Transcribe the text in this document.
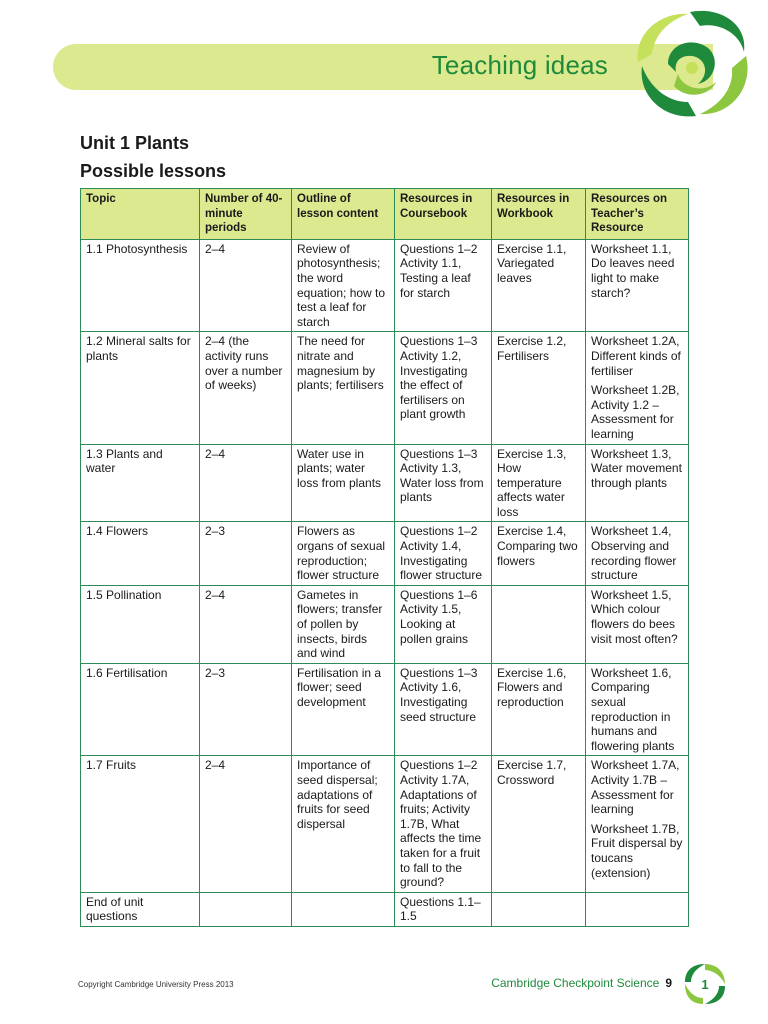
Teaching ideas
Unit 1 Plants
Possible lessons
Topic	Number of 40-minute periods	Outline of lesson content	Resources in Coursebook	Resources in Workbook	Resources on Teacher’s Resource

1.1 Photosynthesis	2–4	Review of photosynthesis; the word equation; how to test a leaf for starch	Questions 1–2 Activity 1.1, Testing a leaf for starch	Exercise 1.1, Variegated leaves	Worksheet 1.1, Do leaves need light to make starch?

1.2 Mineral salts for plants	2–4 (the activity runs over a number of weeks)	The need for nitrate and magnesium by plants; fertilisers	Questions 1–3 Activity 1.2, Investigating the effect of fertilisers on plant growth	Exercise 1.2, Fertilisers	Worksheet 1.2A, Different kinds of fertiliser

Worksheet 1.2B, Activity 1.2 – Assessment for learning

1.3 Plants and water	2–4	Water use in plants; water loss from plants	Questions 1–3 Activity 1.3, Water loss from plants	Exercise 1.3, How temperature affects water loss	Worksheet 1.3, Water movement through plants

1.4 Flowers	2–3	Flowers as organs of sexual reproduction; flower structure	Questions 1–2 Activity 1.4, Investigating flower structure	Exercise 1.4, Comparing two flowers	Worksheet 1.4, Observing and recording flower structure

1.5 Pollination	2–4	Gametes in flowers; transfer of pollen by insects, birds and wind	Questions 1–6 Activity 1.5, Looking at pollen grains		Worksheet 1.5, Which colour flowers do bees visit most often?

1.6 Fertilisation	2–3	Fertilisation in a flower; seed development	Questions 1–3 Activity 1.6, Investigating seed structure	Exercise 1.6, Flowers and reproduction	Worksheet 1.6, Comparing sexual reproduction in humans and flowering plants

1.7 Fruits	2–4	Importance of seed dispersal; adaptations of fruits for seed dispersal	Questions 1–2 Activity 1.7A, Adaptations of fruits; Activity 1.7B, What affects the time taken for a fruit to fall to the ground?	Exercise 1.7, Crossword	Worksheet 1.7A, Activity 1.7B – Assessment for learning

Worksheet 1.7B, Fruit dispersal by toucans (extension)

End of unit questions			Questions 1.1–1.5		

Copyright Cambridge University Press 2013	Cambridge Checkpoint Science 9 1
